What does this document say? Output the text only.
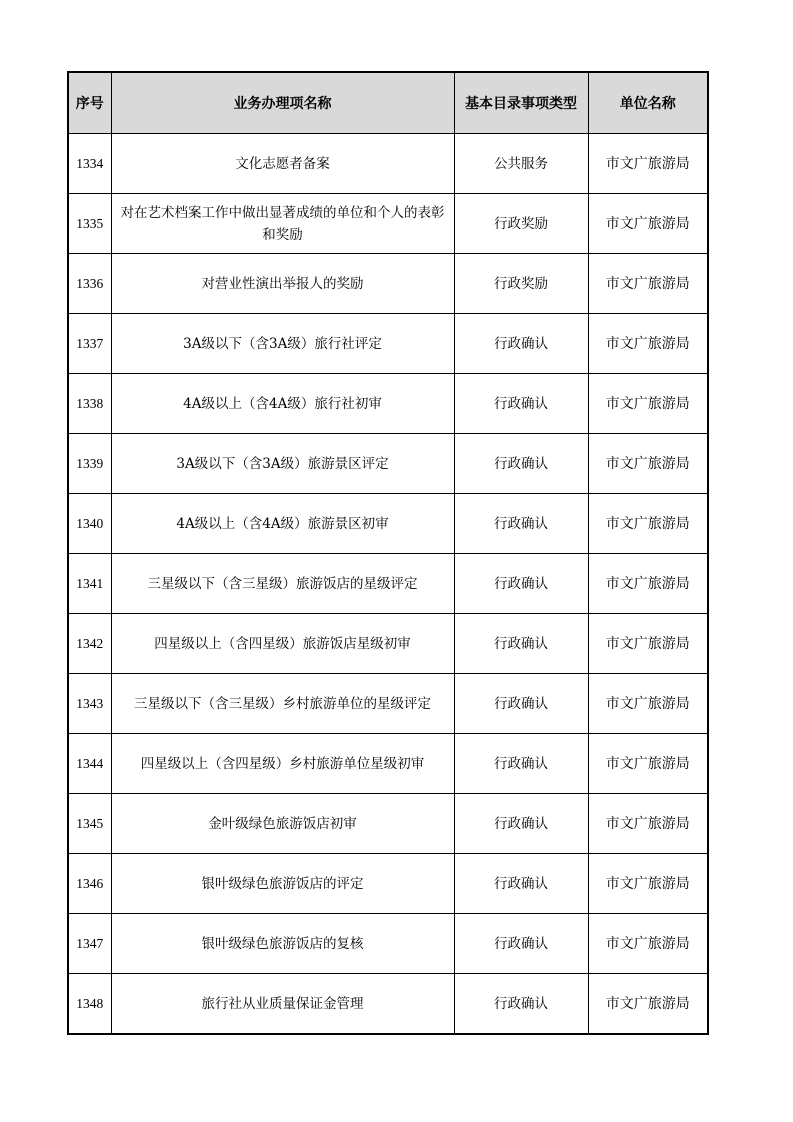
序号	业务办理项名称	基本目录事项类型	单位名称
1334	文化志愿者备案	公共服务	市文广旅游局
1335	对在艺术档案工作中做出显著成绩的单位和个人的表彰和奖励	行政奖励	市文广旅游局
1336	对营业性演出举报人的奖励	行政奖励	市文广旅游局
1337	3A级以下（含3A级）旅行社评定	行政确认	市文广旅游局
1338	4A级以上（含4A级）旅行社初审	行政确认	市文广旅游局
1339	3A级以下（含3A级）旅游景区评定	行政确认	市文广旅游局
1340	4A级以上（含4A级）旅游景区初审	行政确认	市文广旅游局
1341	三星级以下（含三星级）旅游饭店的星级评定	行政确认	市文广旅游局
1342	四星级以上（含四星级）旅游饭店星级初审	行政确认	市文广旅游局
1343	三星级以下（含三星级）乡村旅游单位的星级评定	行政确认	市文广旅游局
1344	四星级以上（含四星级）乡村旅游单位星级初审	行政确认	市文广旅游局
1345	金叶级绿色旅游饭店初审	行政确认	市文广旅游局
1346	银叶级绿色旅游饭店的评定	行政确认	市文广旅游局
1347	银叶级绿色旅游饭店的复核	行政确认	市文广旅游局
1348	旅行社从业质量保证金管理	行政确认	市文广旅游局
